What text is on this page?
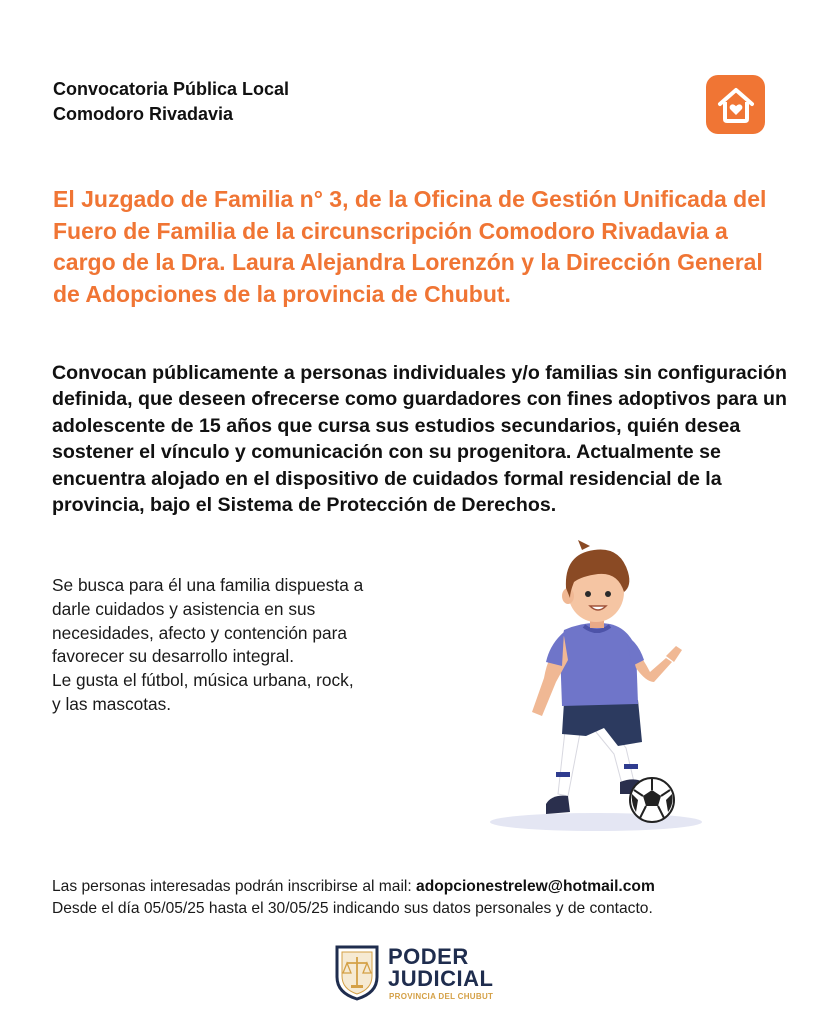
Convocatoria Pública Local
Comodoro Rivadavia

El Juzgado de Familia n° 3, de la Oficina de Gestión Unificada del Fuero de Familia de la circunscripción Comodoro Rivadavia a cargo de la Dra. Laura Alejandra Lorenzón y la Dirección General de Adopciones de la provincia de Chubut.

Convocan públicamente a personas individuales y/o familias sin configuración definida, que deseen ofrecerse como guardadores con fines adoptivos para un adolescente de 15 años que cursa sus estudios secundarios, quién desea sostener el vínculo y comunicación con su progenitora. Actualmente se encuentra alojado en el dispositivo de cuidados formal residencial de la provincia, bajo el Sistema de Protección de Derechos.

Se busca para él una familia dispuesta a
darle cuidados y asistencia en sus
necesidades, afecto y contención para
favorecer su desarrollo integral.
Le gusta el fútbol, música urbana, rock,
y las mascotas.

Las personas interesadas podrán inscribirse al mail: adopcionestrelew@hotmail.com
Desde el día 05/05/25 hasta el 30/05/25 indicando sus datos personales y de contacto.
PODER
JUDICIAL
PROVINCIA DEL CHUBUT
